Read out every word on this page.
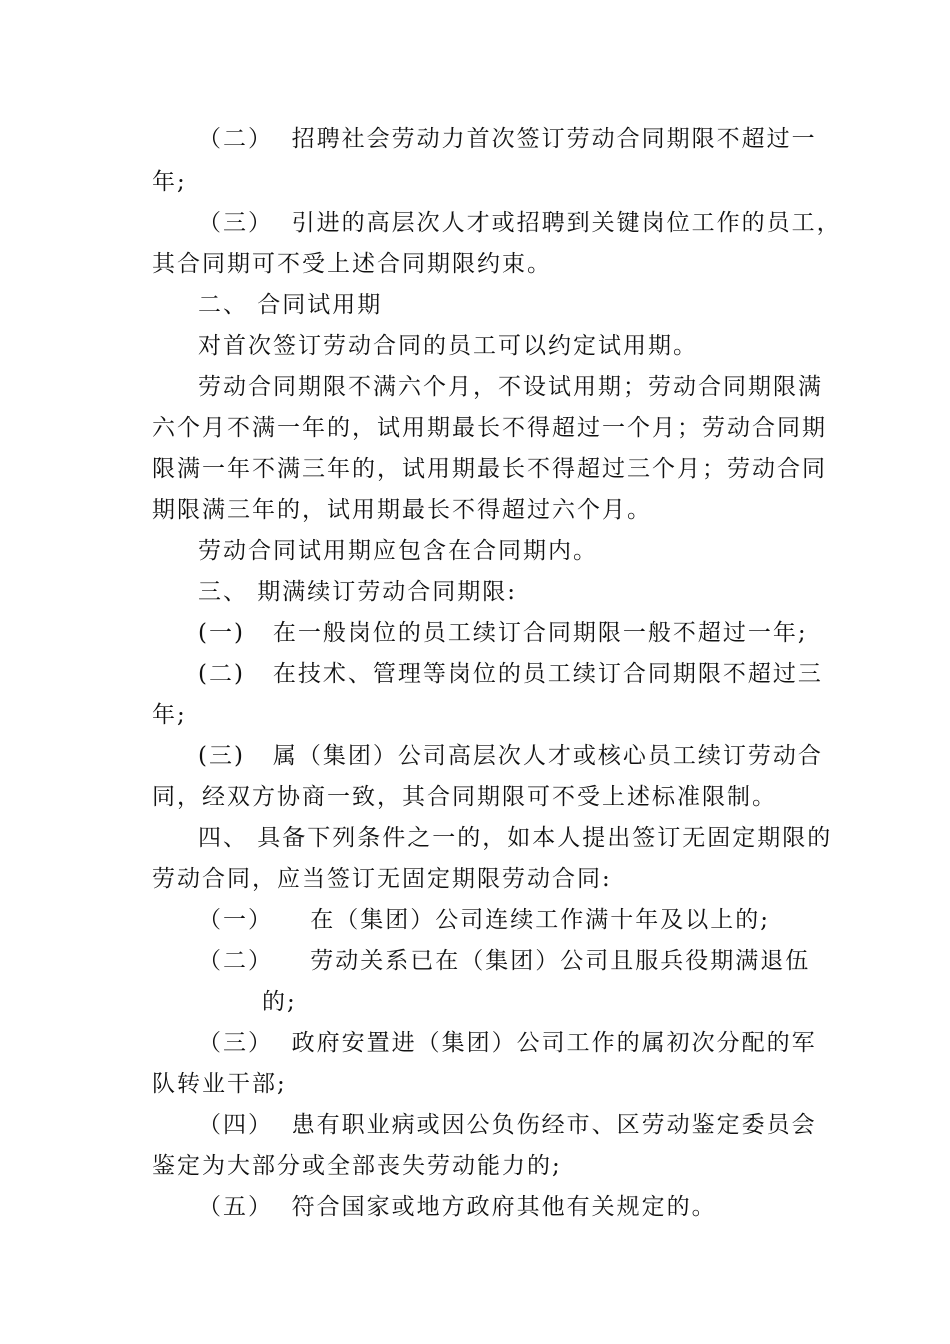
（二）  招聘社会劳动力首次签订劳动合同期限不超过一
年;
（三）  引进的高层次人才或招聘到关键岗位工作的员工，
其合同期可不受上述合同期限约束。
二、 合同试用期
对首次签订劳动合同的员工可以约定试用期。
劳动合同期限不满六个月，不设试用期；劳动合同期限满
六个月不满一年的，试用期最长不得超过一个月；劳动合同期
限满一年不满三年的，试用期最长不得超过三个月；劳动合同
期限满三年的，试用期最长不得超过六个月。
劳动合同试用期应包含在合同期内。
三、 期满续订劳动合同期限:
(一)   在一般岗位的员工续订合同期限一般不超过一年;
(二)   在技术、管理等岗位的员工续订合同期限不超过三
年;
(三)   属（集团）公司高层次人才或核心员工续订劳动合
同，经双方协商一致，其合同期限可不受上述标准限制。
四、 具备下列条件之一的，如本人提出签订无固定期限的
劳动合同，应当签订无固定期限劳动合同:
（一）    在（集团）公司连续工作满十年及以上的;
（二）    劳动关系已在（集团）公司且服兵役期满退伍
的;
（三）  政府安置进（集团）公司工作的属初次分配的军
队转业干部;
（四）  患有职业病或因公负伤经市、区劳动鉴定委员会
鉴定为大部分或全部丧失劳动能力的;
（五）  符合国家或地方政府其他有关规定的。
